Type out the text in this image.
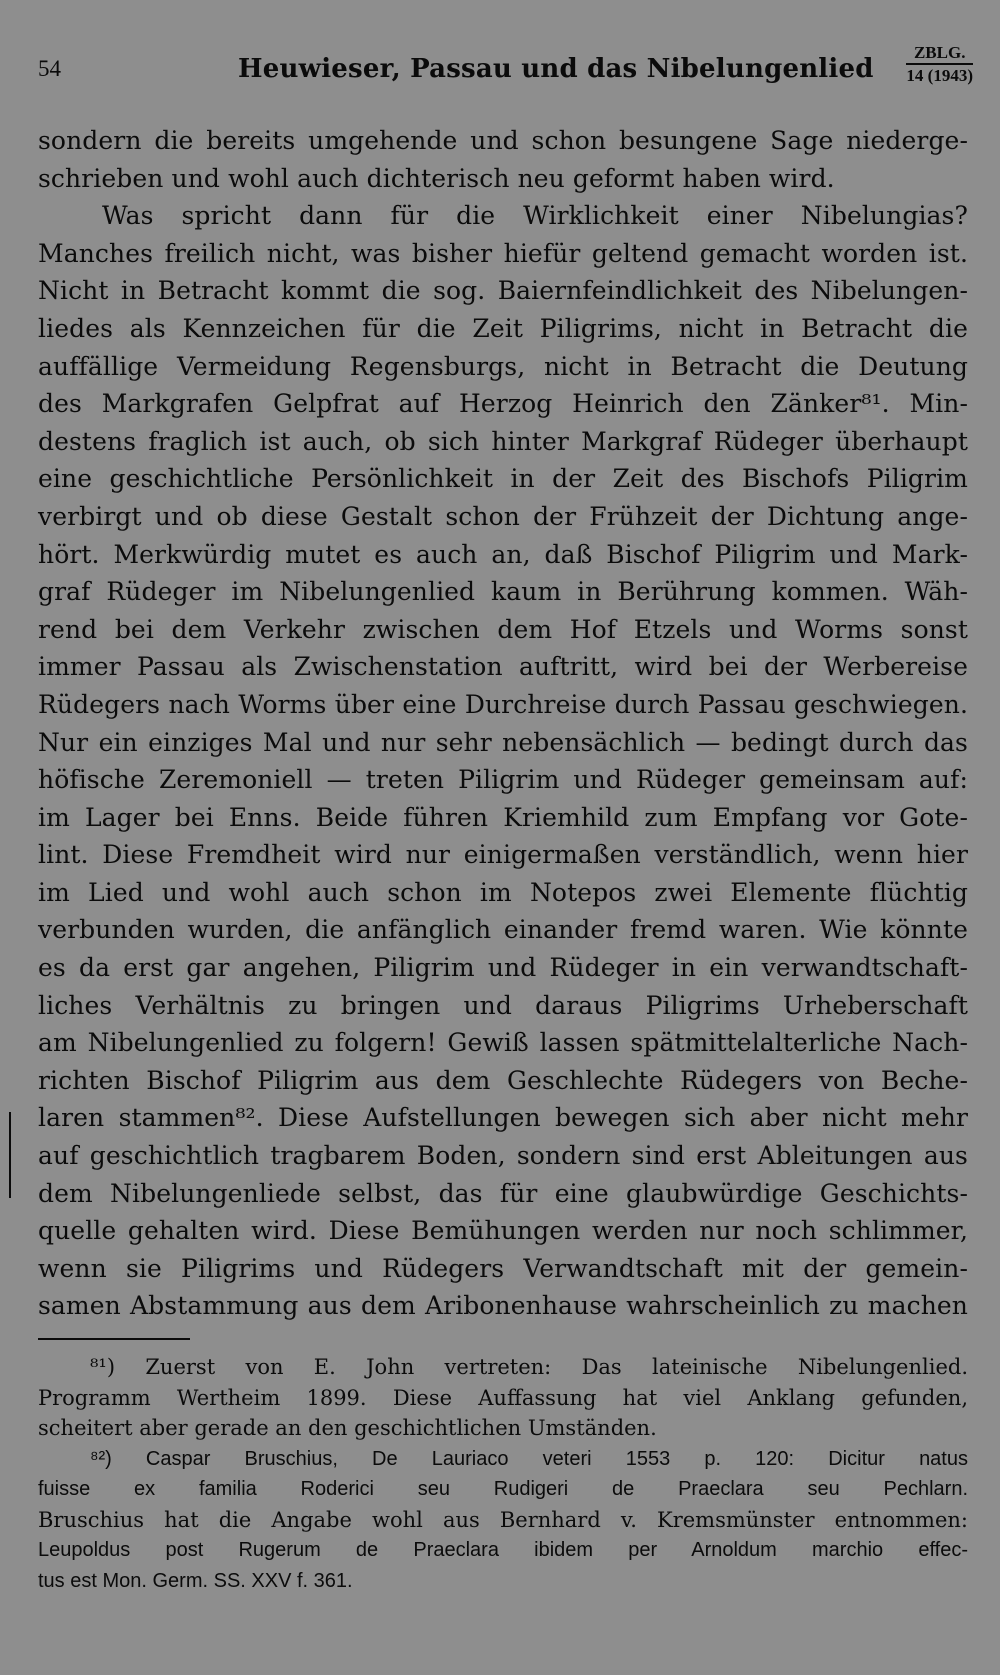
54	Heuwieser, Passau und das Nibelungenlied
ZBLG.
14 (1943)
sondern die bereits umgehende und schon besungene Sage niederge-
schrieben und wohl auch dichterisch neu geformt haben wird.
Was spricht dann für die Wirklichkeit einer Nibelungias?
Manches freilich nicht, was bisher hiefür geltend gemacht worden ist.
Nicht in Betracht kommt die sog. Baiernfeindlichkeit des Nibelungen-
liedes als Kennzeichen für die Zeit Piligrims, nicht in Betracht die
auffällige Vermeidung Regensburgs, nicht in Betracht die Deutung
des Markgrafen Gelpfrat auf Herzog Heinrich den Zänker⁸¹. Min-
destens fraglich ist auch, ob sich hinter Markgraf Rüdeger überhaupt
eine geschichtliche Persönlichkeit in der Zeit des Bischofs Piligrim
verbirgt und ob diese Gestalt schon der Frühzeit der Dichtung ange-
hört. Merkwürdig mutet es auch an, daß Bischof Piligrim und Mark-
graf Rüdeger im Nibelungenlied kaum in Berührung kommen. Wäh-
rend bei dem Verkehr zwischen dem Hof Etzels und Worms sonst
immer Passau als Zwischenstation auftritt, wird bei der Werbereise
Rüdegers nach Worms über eine Durchreise durch Passau geschwiegen.
Nur ein einziges Mal und nur sehr nebensächlich — bedingt durch das
höfische Zeremoniell — treten Piligrim und Rüdeger gemeinsam auf:
im Lager bei Enns. Beide führen Kriemhild zum Empfang vor Gote-
lint. Diese Fremdheit wird nur einigermaßen verständlich, wenn hier
im Lied und wohl auch schon im Notepos zwei Elemente flüchtig
verbunden wurden, die anfänglich einander fremd waren. Wie könnte
es da erst gar angehen, Piligrim und Rüdeger in ein verwandtschaft-
liches Verhältnis zu bringen und daraus Piligrims Urheberschaft
am Nibelungenlied zu folgern! Gewiß lassen spätmittelalterliche Nach-
richten Bischof Piligrim aus dem Geschlechte Rüdegers von Beche-
laren stammen⁸². Diese Aufstellungen bewegen sich aber nicht mehr
auf geschichtlich tragbarem Boden, sondern sind erst Ableitungen aus
dem Nibelungenliede selbst, das für eine glaubwürdige Geschichts-
quelle gehalten wird. Diese Bemühungen werden nur noch schlimmer,
wenn sie Piligrims und Rüdegers Verwandtschaft mit der gemein-
samen Abstammung aus dem Aribonenhause wahrscheinlich zu machen
⁸¹) Zuerst von E. John vertreten: Das lateinische Nibelungenlied.
Programm Wertheim 1899. Diese Auffassung hat viel Anklang gefunden,
scheitert aber gerade an den geschichtlichen Umständen.
⁸²) Caspar Bruschius, De Lauriaco veteri 1553 p. 120: Dicitur natus
fuisse ex familia Roderici seu Rudigeri de Praeclara seu Pechlarn.
Bruschius hat die Angabe wohl aus Bernhard v. Kremsmünster entnommen:
Leupoldus post Rugerum de Praeclara ibidem per Arnoldum marchio effec-
tus est Mon. Germ. SS. XXV f. 361.
